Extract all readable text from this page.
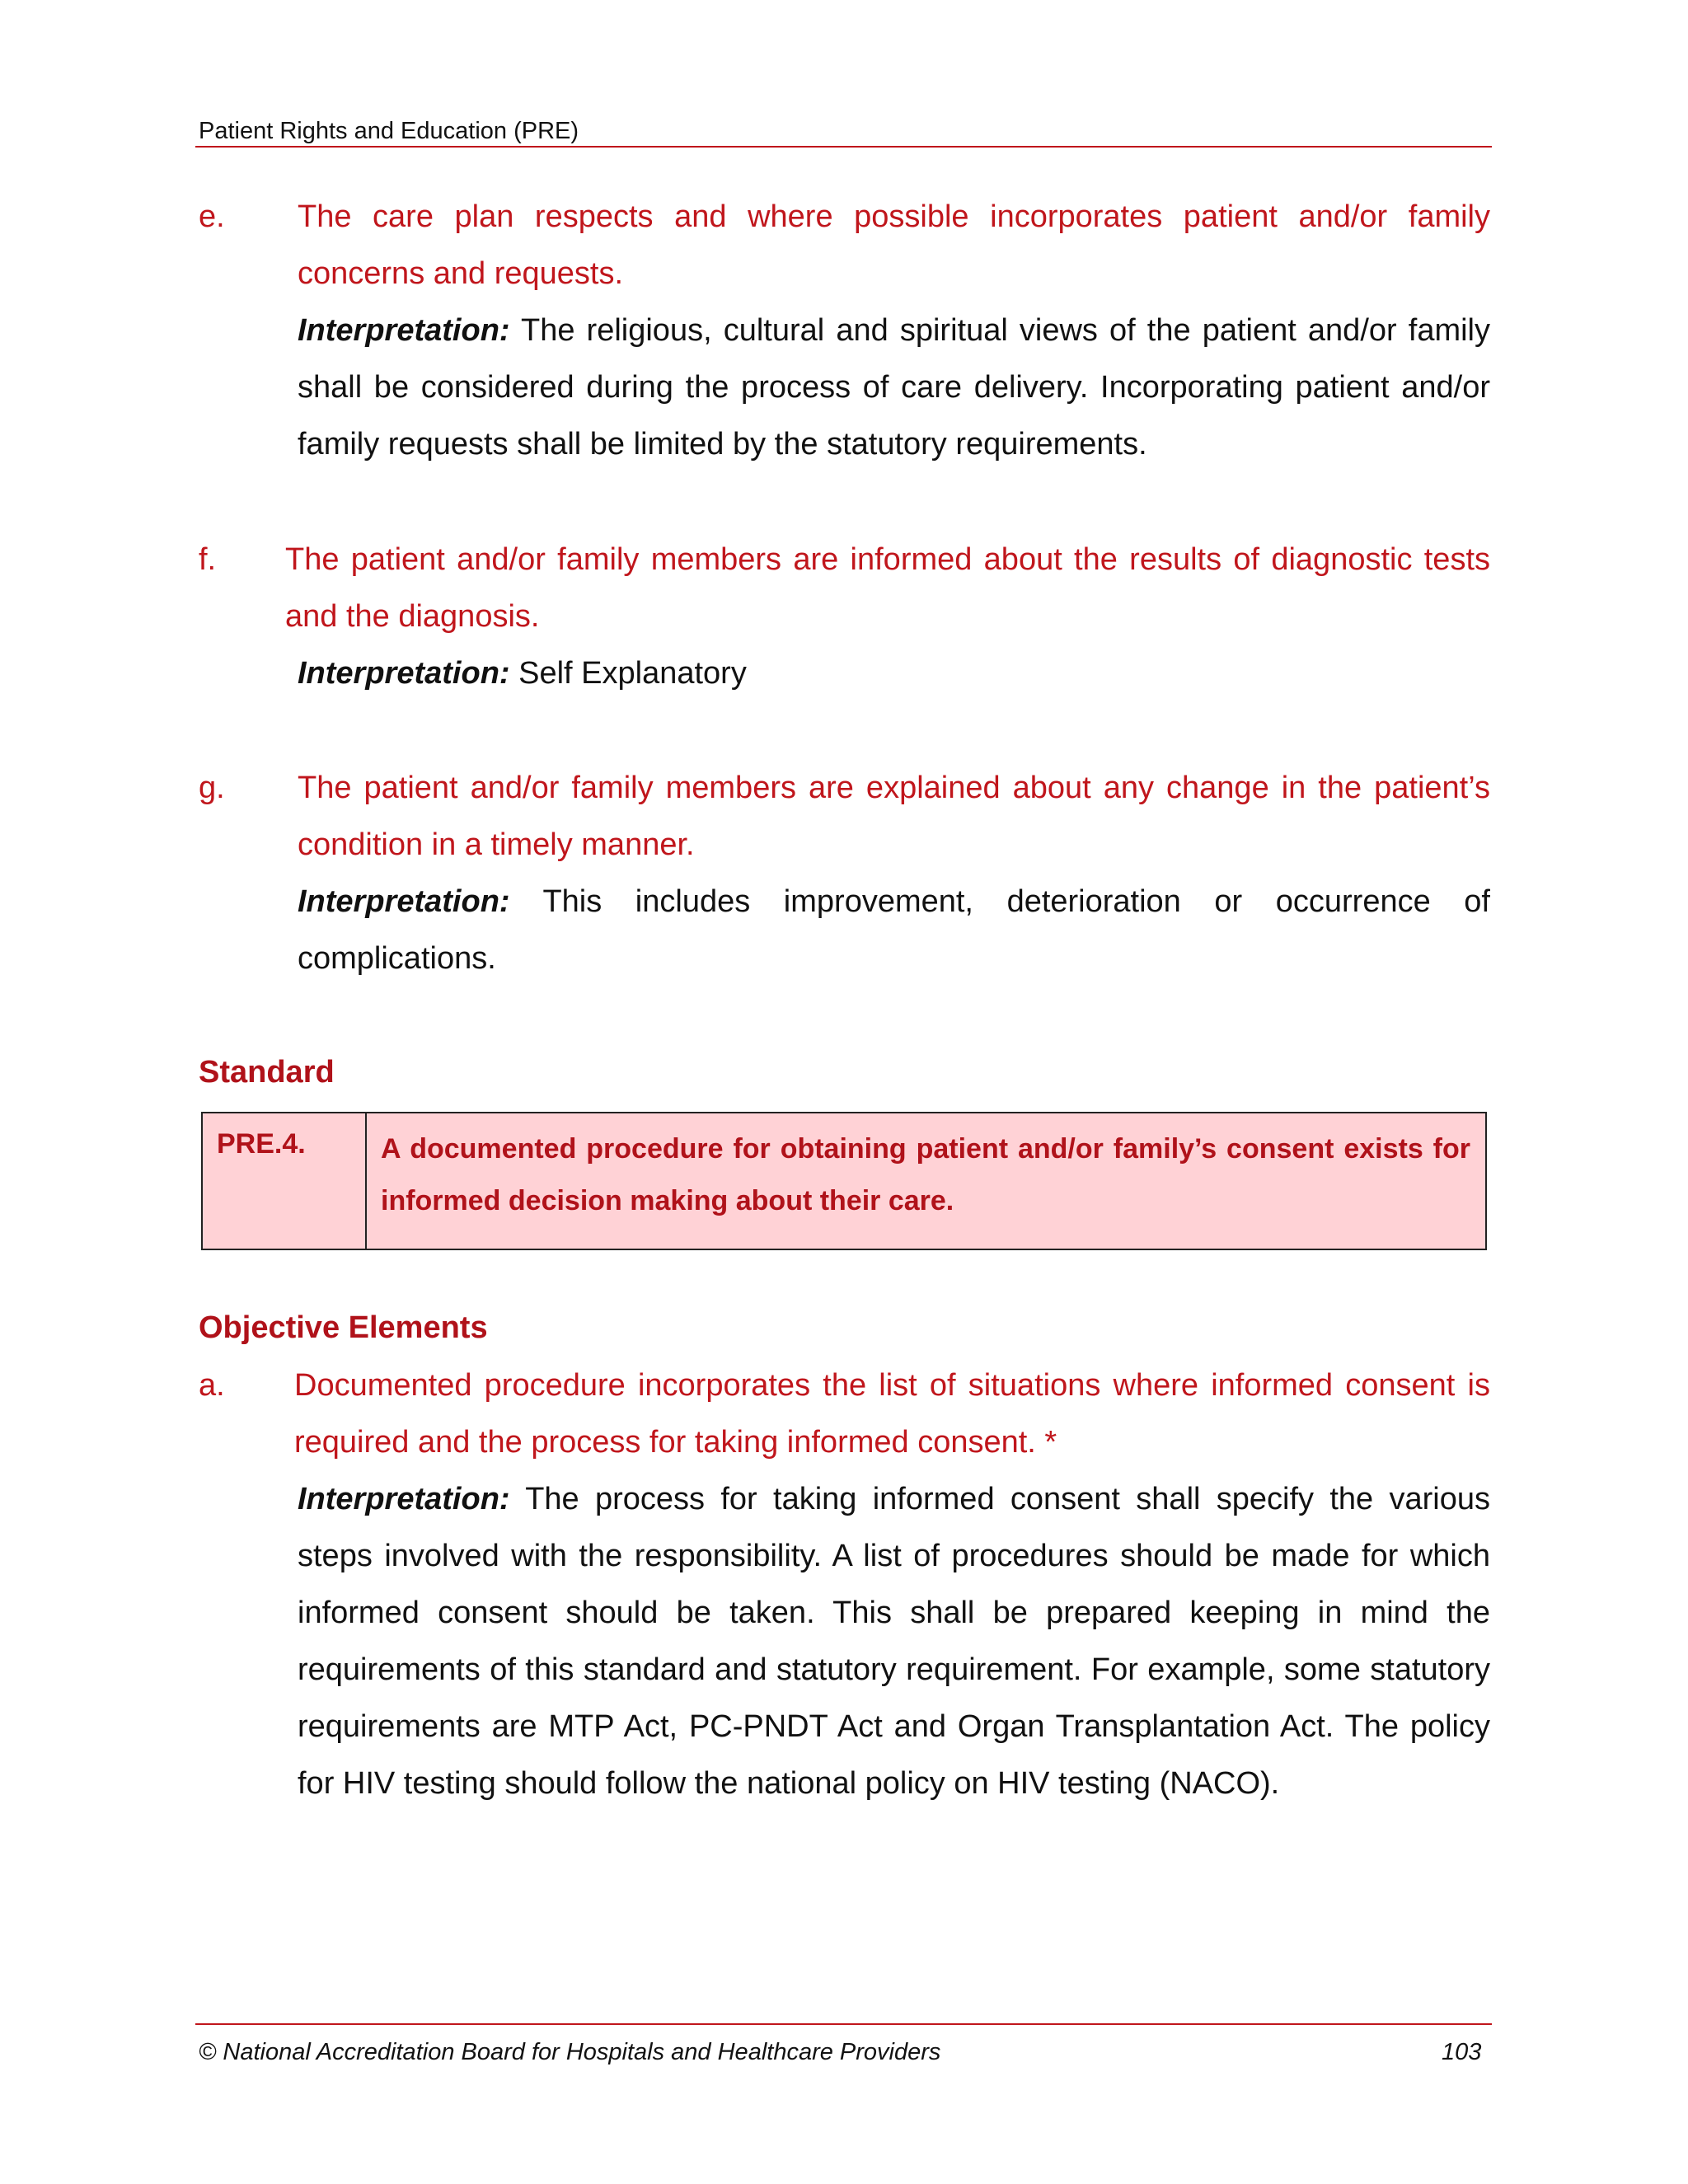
Patient Rights and Education (PRE)
e. The care plan respects and where possible incorporates patient and/or family concerns and requests.
Interpretation: The religious, cultural and spiritual views of the patient and/or family shall be considered during the process of care delivery. Incorporating patient and/or family requests shall be limited by the statutory requirements.
f. The patient and/or family members are informed about the results of diagnostic tests and the diagnosis.
Interpretation: Self Explanatory
g. The patient and/or family members are explained about any change in the patient’s condition in a timely manner.
Interpretation: This includes improvement, deterioration or occurrence of complications.
Standard
PRE.4.	A documented procedure for obtaining patient and/or family’s consent exists for informed decision making about their care.
Objective Elements
a. Documented procedure incorporates the list of situations where informed consent is required and the process for taking informed consent. *
Interpretation: The process for taking informed consent shall specify the various steps involved with the responsibility. A list of procedures should be made for which informed consent should be taken. This shall be prepared keeping in mind the requirements of this standard and statutory requirement. For example, some statutory requirements are MTP Act, PC-PNDT Act and Organ Transplantation Act. The policy for HIV testing should follow the national policy on HIV testing (NACO).
© National Accreditation Board for Hospitals and Healthcare Providers	103
